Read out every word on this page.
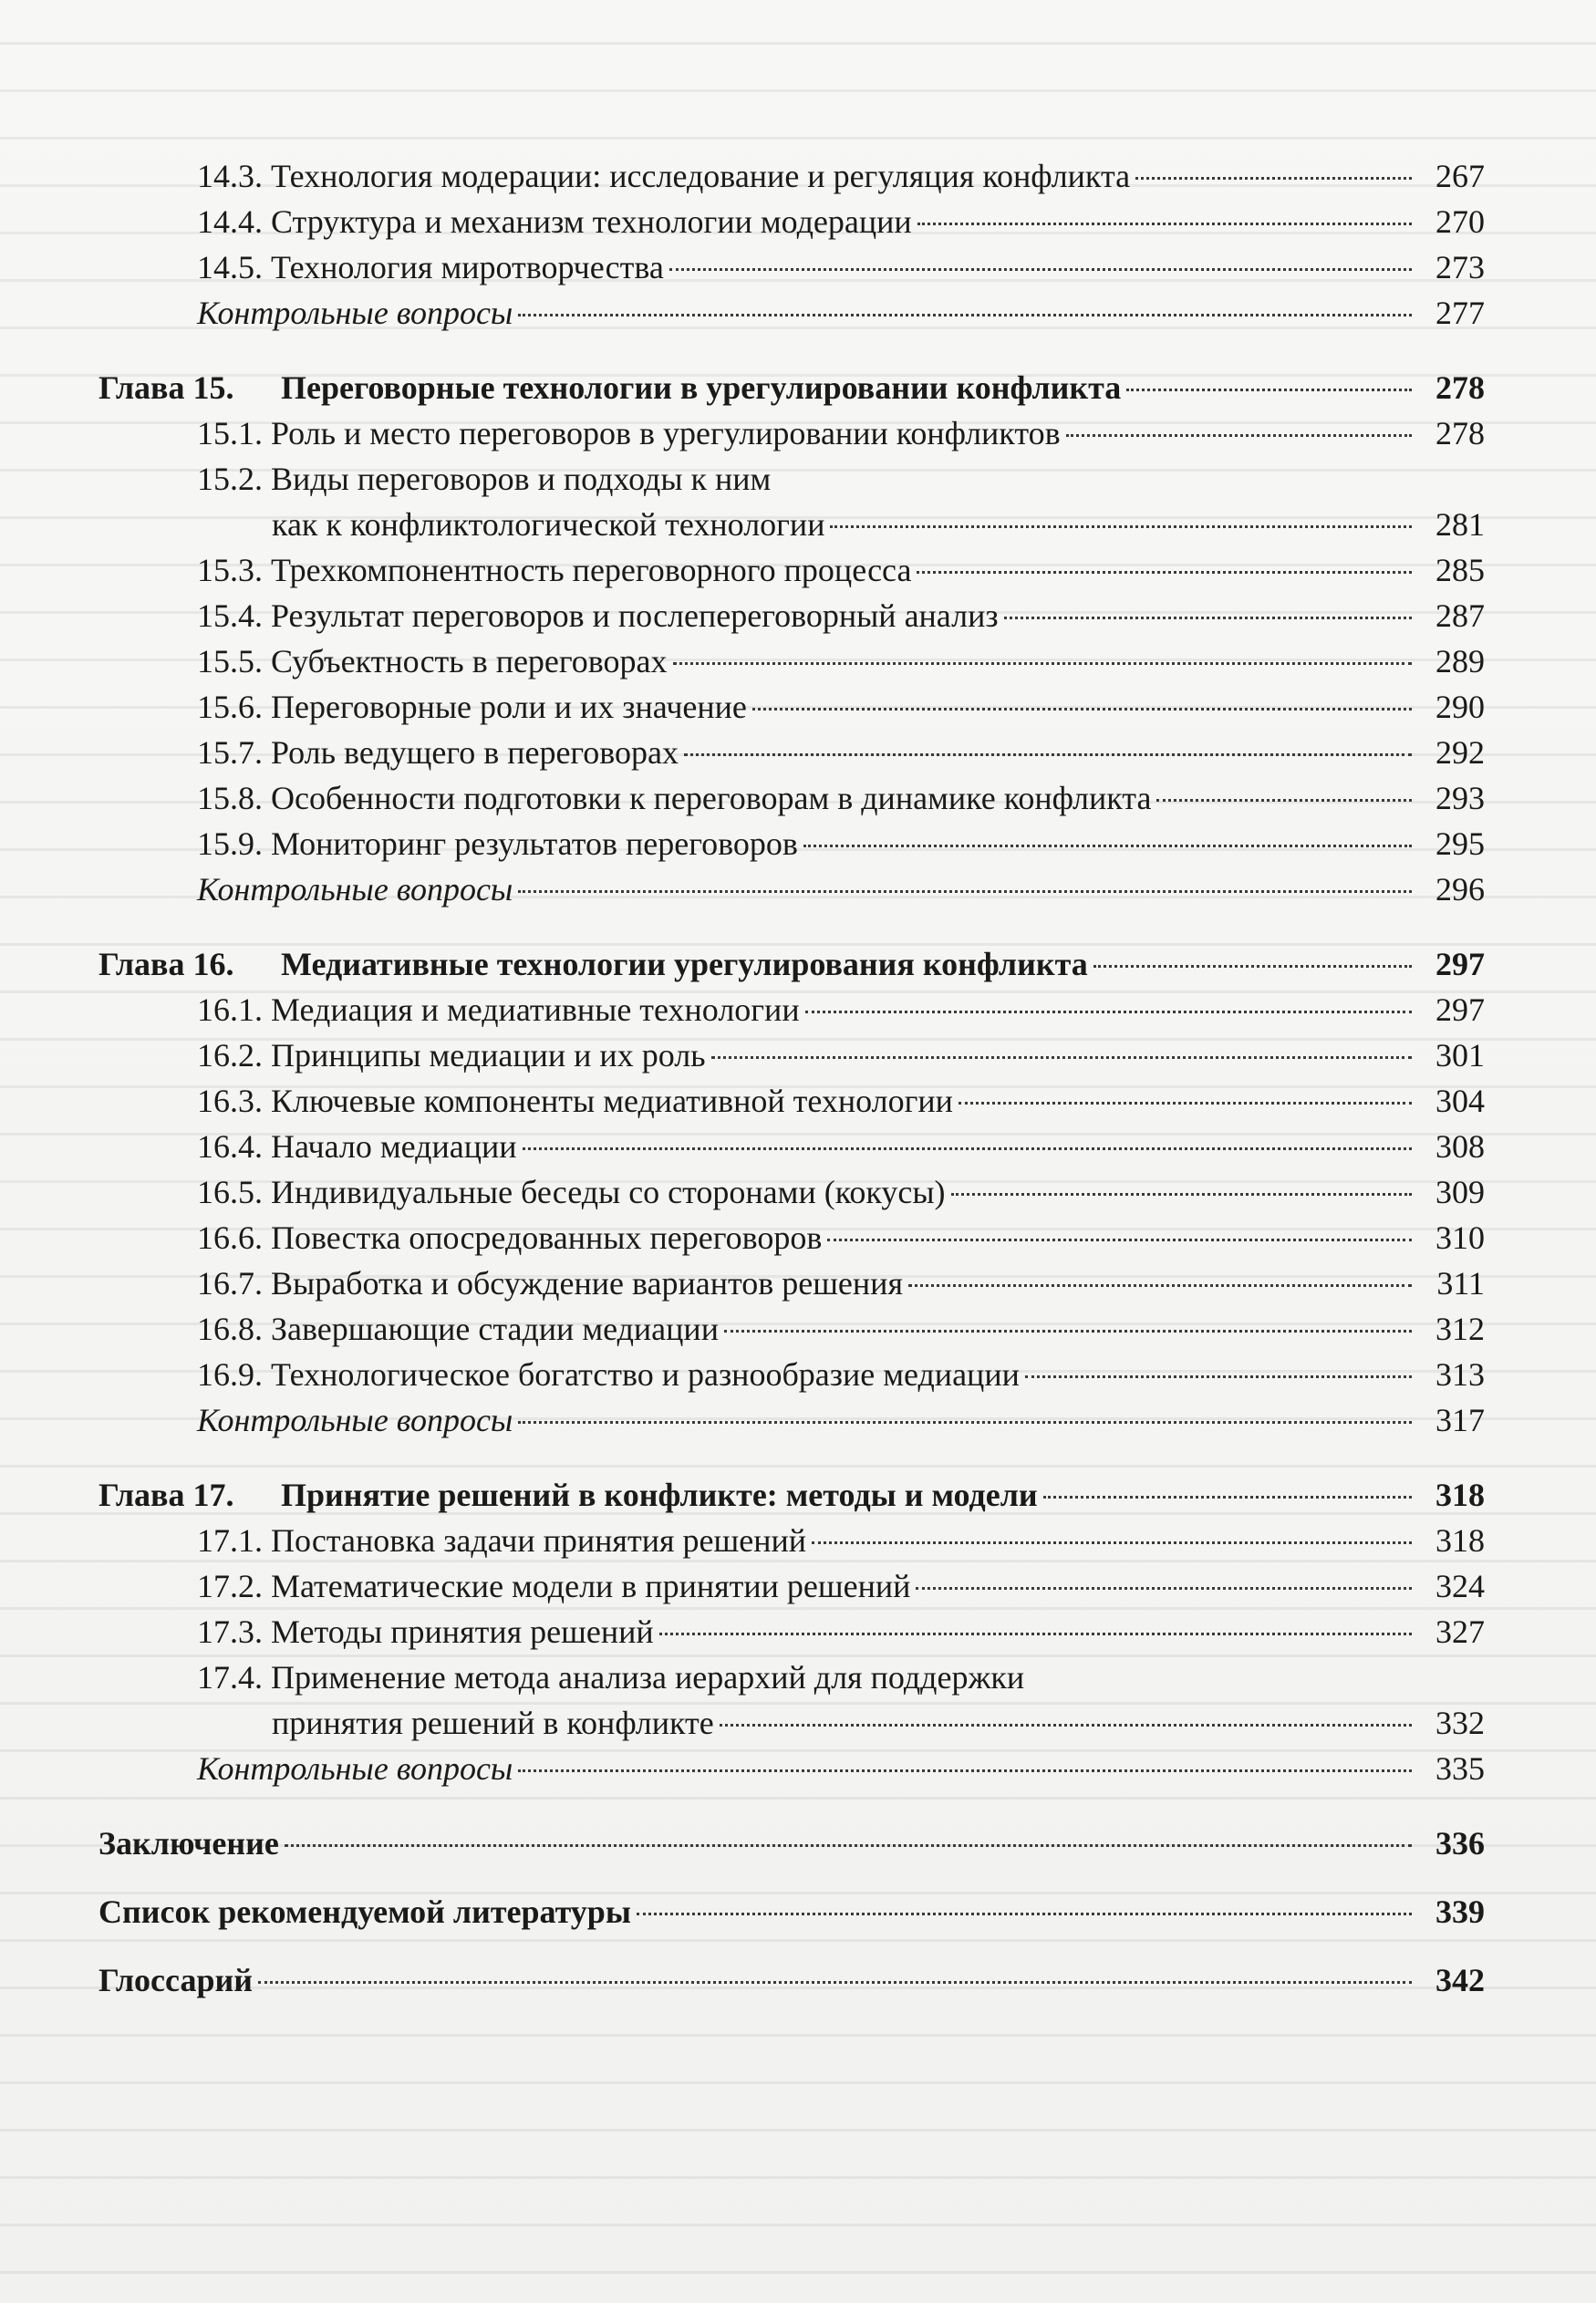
14.3. Технология модерации: исследование и регуляция конфликта	267
14.4. Структура и механизм технологии модерации	270
14.5. Технология миротворчества	273
Контрольные вопросы	277
Глава 15.	Переговорные технологии в урегулировании конфликта	278
15.1. Роль и место переговоров в урегулировании конфликтов	278
15.2. Виды переговоров и подходы к ним
как к конфликтологической технологии	281
15.3. Трехкомпонентность переговорного процесса	285
15.4. Результат переговоров и послепереговорный анализ	287
15.5. Субъектность в переговорах	289
15.6. Переговорные роли и их значение	290
15.7. Роль ведущего в переговорах	292
15.8. Особенности подготовки к переговорам в динамике конфликта	293
15.9. Мониторинг результатов переговоров	295
Контрольные вопросы	296
Глава 16.	Медиативные технологии урегулирования конфликта	297
16.1. Медиация и медиативные технологии	297
16.2. Принципы медиации и их роль	301
16.3. Ключевые компоненты медиативной технологии	304
16.4. Начало медиации	308
16.5. Индивидуальные беседы со сторонами (кокусы)	309
16.6. Повестка опосредованных переговоров	310
16.7. Выработка и обсуждение вариантов решения	311
16.8. Завершающие стадии медиации	312
16.9. Технологическое богатство и разнообразие медиации	313
Контрольные вопросы	317
Глава 17.	Принятие решений в конфликте: методы и модели	318
17.1. Постановка задачи принятия решений	318
17.2. Математические модели в принятии решений	324
17.3. Методы принятия решений	327
17.4. Применение метода анализа иерархий для поддержки
принятия решений в конфликте	332
Контрольные вопросы	335
Заключение	336
Список рекомендуемой литературы	339
Глоссарий	342
